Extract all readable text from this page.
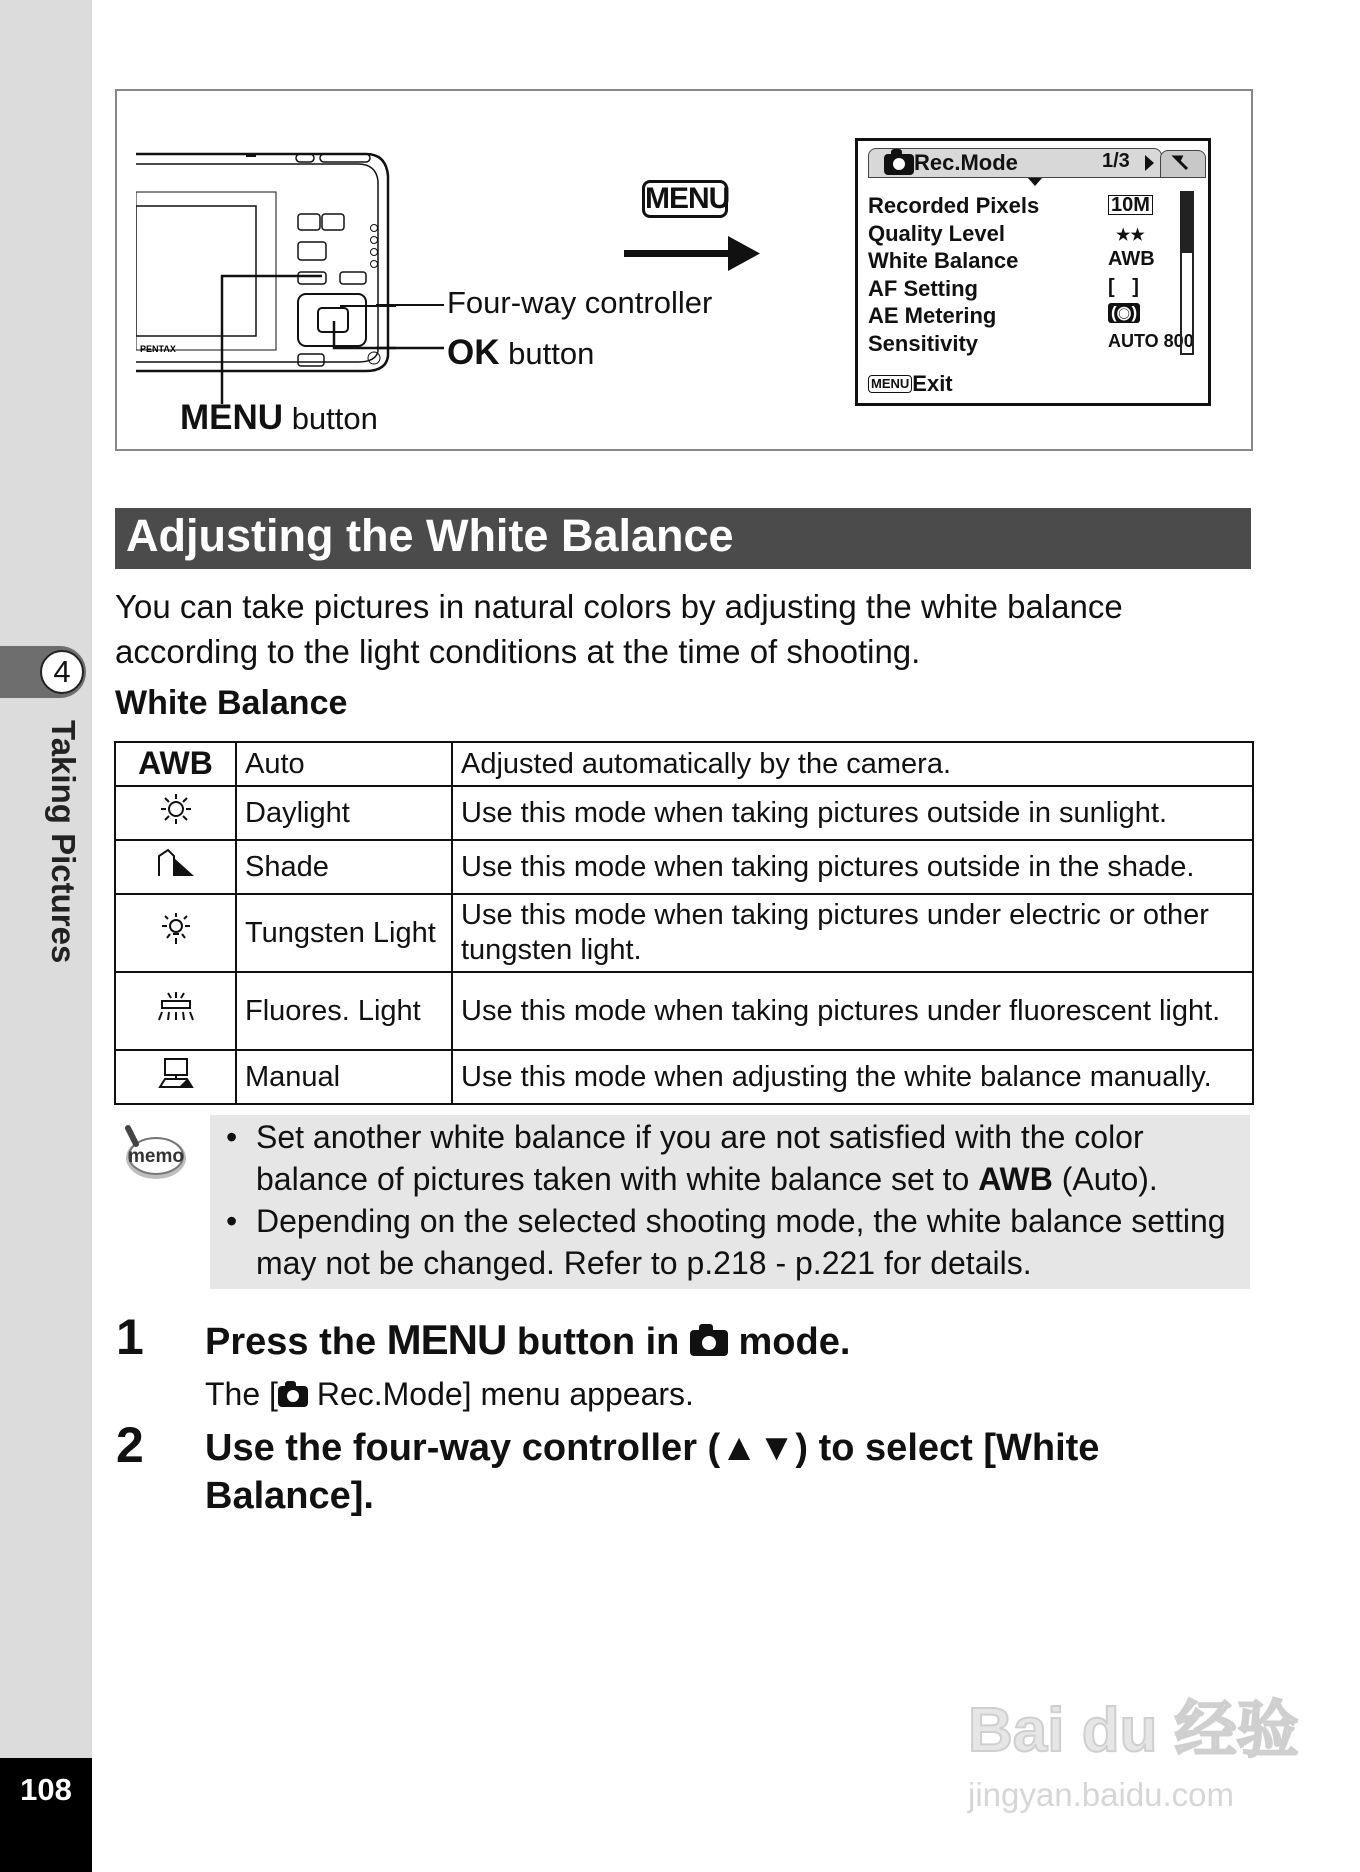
4
Taking Pictures
108
PENTAX
Four-way controller
OK button
MENU button
MENU
Rec.Mode	1/3
Recorded Pixels	10M
Quality Level	★★
White Balance	AWB
AF Setting	[ ]
AE Metering	(◉)
Sensitivity	AUTO 800
MENU Exit
Adjusting the White Balance
You can take pictures in natural colors by adjusting the white balance according to the light conditions at the time of shooting.
White Balance
AWB	Auto	Adjusted automatically by the camera.
	Daylight	Use this mode when taking pictures outside in sunlight.
	Shade	Use this mode when taking pictures outside in the shade.
	Tungsten Light	Use this mode when taking pictures under electric or other tungsten light.
	Fluores. Light	Use this mode when taking pictures under fluorescent light.
	Manual	Use this mode when adjusting the white balance manually.
memo
• Set another white balance if you are not satisfied with the color balance of pictures taken with white balance set to AWB (Auto).
• Depending on the selected shooting mode, the white balance setting may not be changed. Refer to p.218 - p.221 for details.
1 Press the MENU button in  mode.
The [ Rec.Mode] menu appears.
2 Use the four-way controller (▲▼) to select [White Balance].
Bai du 经验
jingyan.baidu.com
